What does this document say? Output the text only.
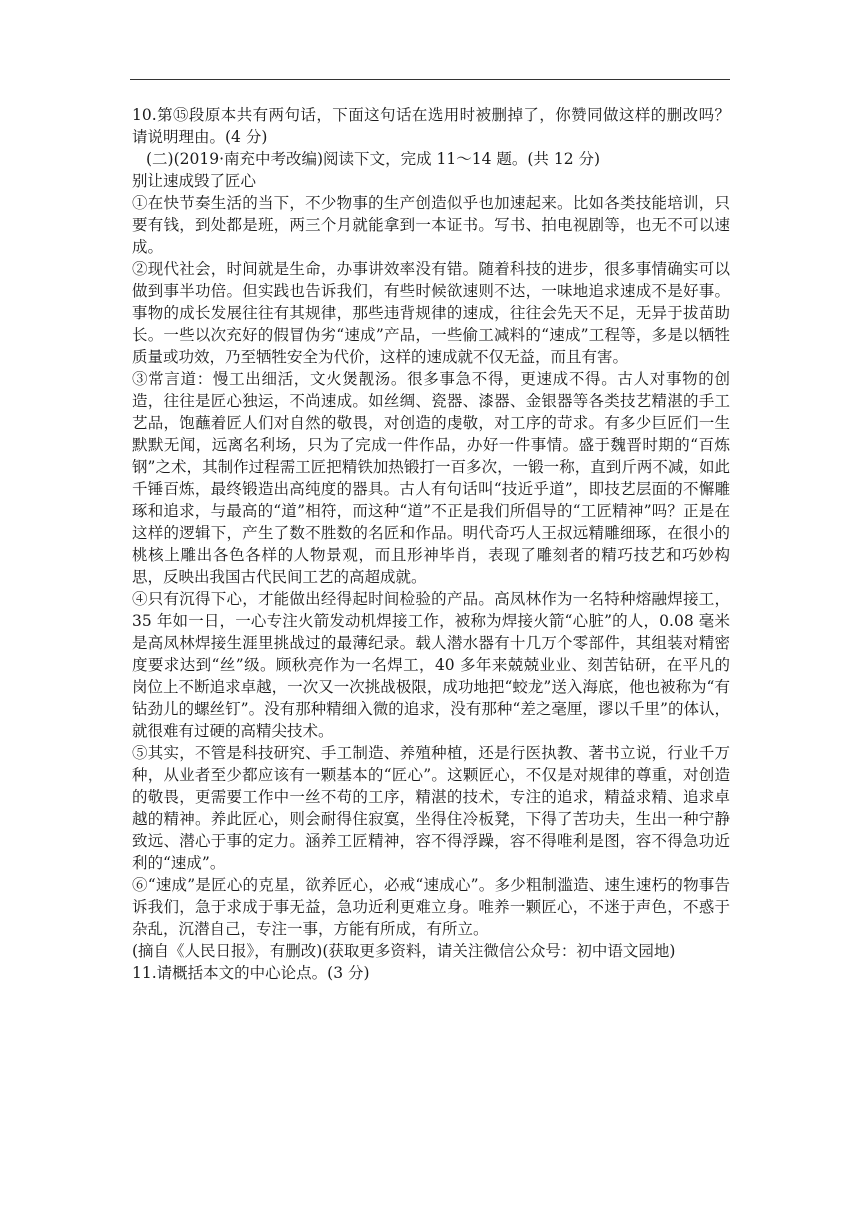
10.第⑮段原本共有两句话，下面这句话在选用时被删掉了，你赞同做这样的删改吗？请说明理由。(4 分)

(二)(2019·南充中考改编)阅读下文，完成 11～14 题。(共 12 分)

别让速成毁了匠心

①在快节奏生活的当下，不少物事的生产创造似乎也加速起来。比如各类技能培训，只要有钱，到处都是班，两三个月就能拿到一本证书。写书、拍电视剧等，也无不可以速成。

②现代社会，时间就是生命，办事讲效率没有错。随着科技的进步，很多事情确实可以做到事半功倍。但实践也告诉我们，有些时候欲速则不达，一味地追求速成不是好事。事物的成长发展往往有其规律，那些违背规律的速成，往往会先天不足，无异于拔苗助长。一些以次充好的假冒伪劣“速成”产品，一些偷工减料的“速成”工程等，多是以牺牲质量或功效，乃至牺牲安全为代价，这样的速成就不仅无益，而且有害。

③常言道：慢工出细活，文火煲靓汤。很多事急不得，更速成不得。古人对事物的创造，往往是匠心独运，不尚速成。如丝绸、瓷器、漆器、金银器等各类技艺精湛的手工艺品，饱蘸着匠人们对自然的敬畏，对创造的虔敬，对工序的苛求。有多少巨匠们一生默默无闻，远离名利场，只为了完成一件作品，办好一件事情。盛于魏晋时期的“百炼钢”之术，其制作过程需工匠把精铁加热锻打一百多次，一锻一称，直到斤两不减，如此千锤百炼，最终锻造出高纯度的器具。古人有句话叫“技近乎道”，即技艺层面的不懈雕琢和追求，与最高的“道”相符，而这种“道”不正是我们所倡导的“工匠精神”吗？正是在这样的逻辑下，产生了数不胜数的名匠和作品。明代奇巧人王叔远精雕细琢，在很小的桃核上雕出各色各样的人物景观，而且形神毕肖，表现了雕刻者的精巧技艺和巧妙构思，反映出我国古代民间工艺的高超成就。

④只有沉得下心，才能做出经得起时间检验的产品。高凤林作为一名特种熔融焊接工，35 年如一日，一心专注火箭发动机焊接工作，被称为焊接火箭“心脏”的人，0.08 毫米是高凤林焊接生涯里挑战过的最薄纪录。载人潜水器有十几万个零部件，其组装对精密度要求达到“丝”级。顾秋亮作为一名焊工，40 多年来兢兢业业、刻苦钻研，在平凡的岗位上不断追求卓越，一次又一次挑战极限，成功地把“蛟龙”送入海底，他也被称为“有钻劲儿的螺丝钉”。没有那种精细入微的追求，没有那种“差之毫厘，谬以千里”的体认，就很难有过硬的高精尖技术。

⑤其实，不管是科技研究、手工制造、养殖种植，还是行医执教、著书立说，行业千万种，从业者至少都应该有一颗基本的“匠心”。这颗匠心，不仅是对规律的尊重，对创造的敬畏，更需要工作中一丝不苟的工序，精湛的技术，专注的追求，精益求精、追求卓越的精神。养此匠心，则会耐得住寂寞，坐得住冷板凳，下得了苦功夫，生出一种宁静致远、潜心于事的定力。涵养工匠精神，容不得浮躁，容不得唯利是图，容不得急功近利的“速成”。

⑥“速成”是匠心的克星，欲养匠心，必戒“速成心”。多少粗制滥造、速生速朽的物事告诉我们，急于求成于事无益，急功近利更难立身。唯养一颗匠心，不迷于声色，不惑于杂乱，沉潜自己，专注一事，方能有所成，有所立。

(摘自《人民日报》，有删改)(获取更多资料，请关注微信公众号：初中语文园地)

11.请概括本文的中心论点。(3 分)
